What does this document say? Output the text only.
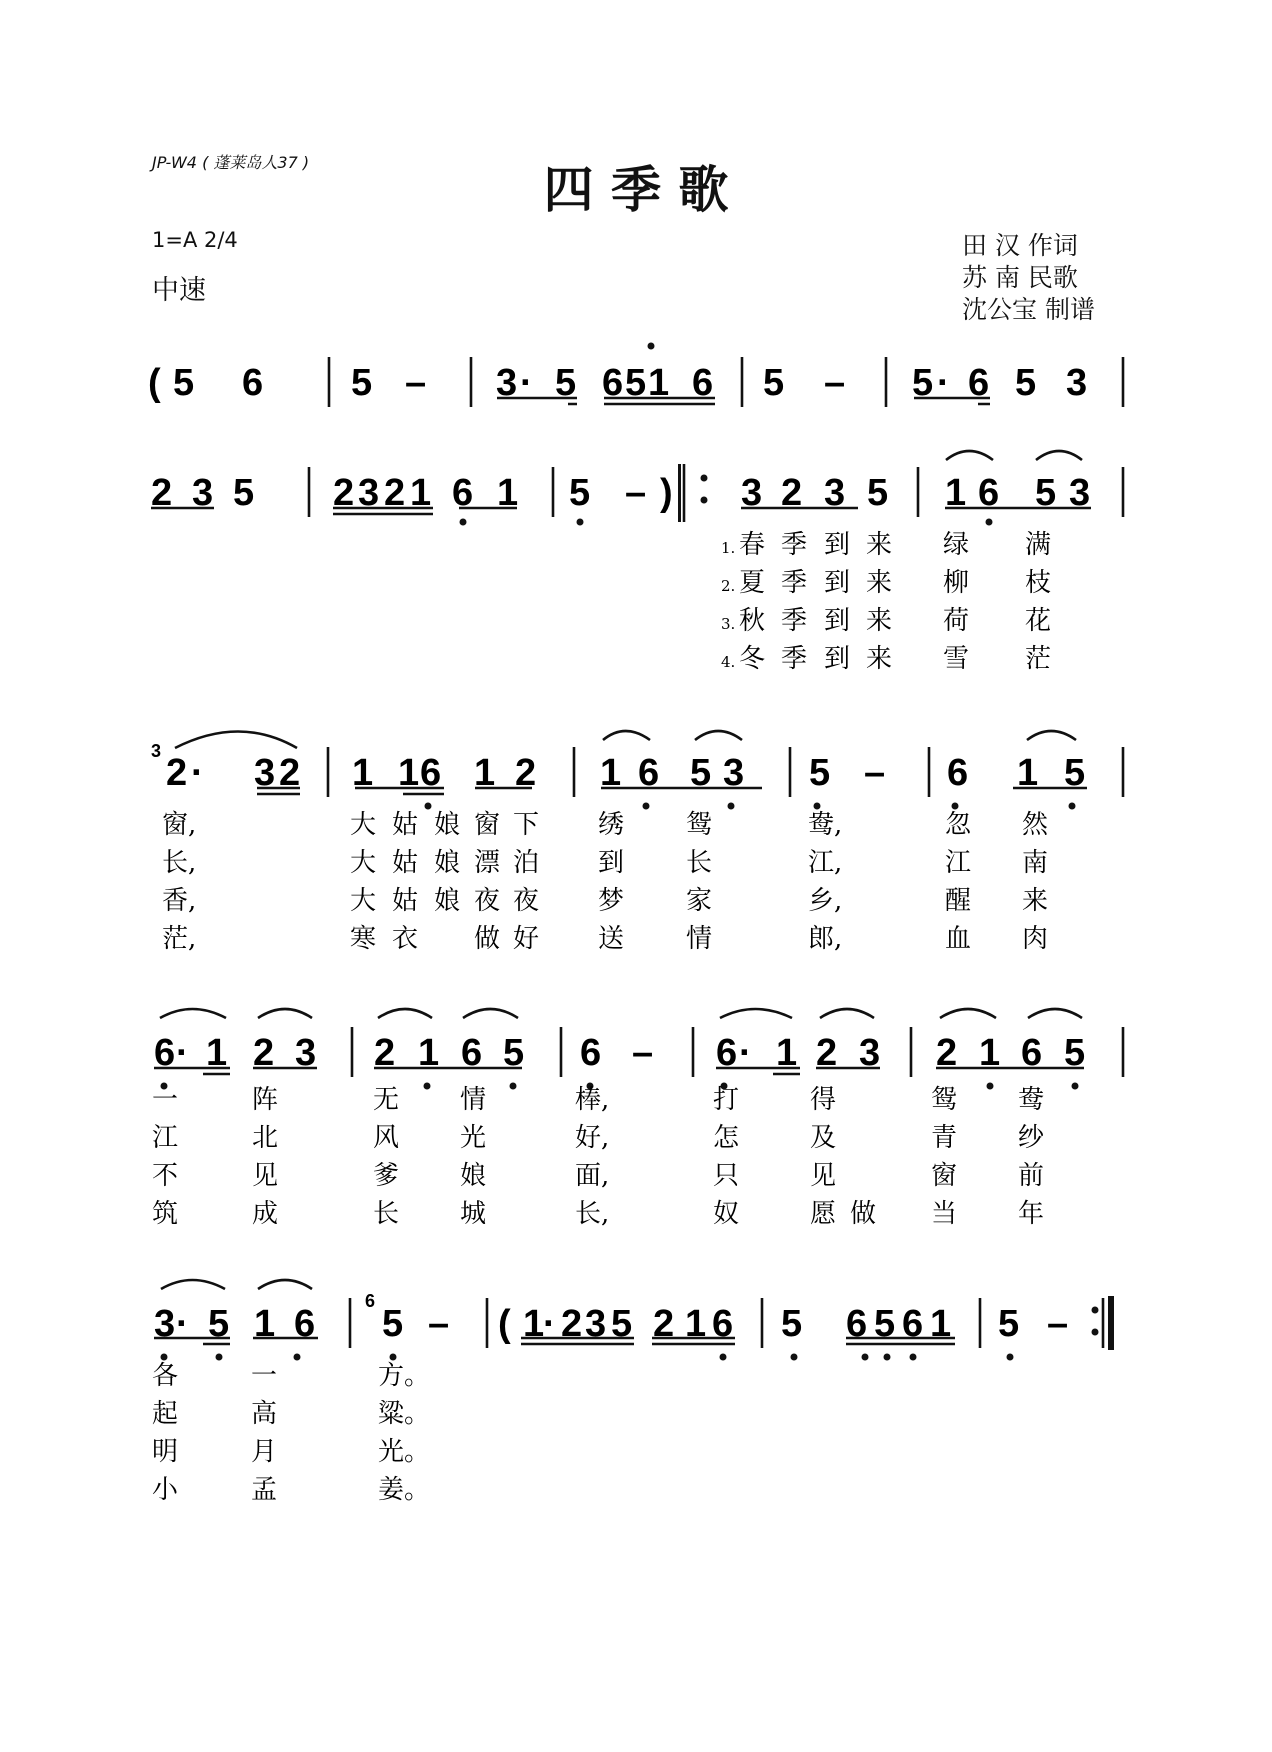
JP-W4 ( 蓬莱岛人37 )	四 季 歌
1=A 2/4
中速
田 汉 作词
苏 南 民歌
沈公宝 制谱
3
6
( 5 6 5 – 3 · 5 6 5 1 6 5 – 5 · 6 5 3
2 3 5 2 3 2 1 6 1 5 – ) 3 2 3 5 1 6 5 3
1.
2.
3.
4.
春 季 到 来 绿 满
夏 季 到 来 柳 枝
秋 季 到 来 荷 花
冬 季 到 来 雪 茫
2 · 3 2 1 1 6 1 2 1 6 5 3 5 – 6 1 5
窗,	大 姑 娘 窗 下 绣 鸳	鸯,	忽 然
长,	大 姑 娘 漂 泊 到 长	江,	江 南
香,	大 姑 娘 夜 夜 梦 家	乡,	醒 来
茫,	寒 衣 做 好 送 情	郎,	血 肉
6 · 1 2 3 2 1 6 5 6 – 6 · 1 2 3 2 1 6 5
一	阵	无 情	棒,	打	得	鸳 鸯
江	北	风 光	好,	怎	及	青 纱
不	见	爹 娘	面,	只	见	窗 前
筑	成	长 城	长,	奴	愿 做 当 年
3 · 5 1 6 5 – ( 1
· 2 3 5 2 1 6 5 6 5 6 1 5 –
各	一	方。
起	高	粱。
明	月	光。
小	孟	姜。
